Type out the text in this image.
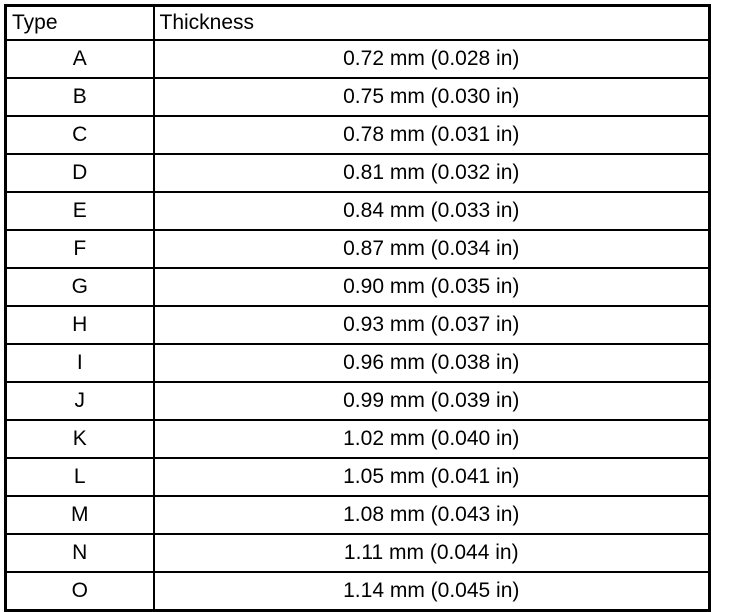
Type	Thickness
A	0.72 mm (0.028 in)
B	0.75 mm (0.030 in)
C	0.78 mm (0.031 in)
D	0.81 mm (0.032 in)
E	0.84 mm (0.033 in)
F	0.87 mm (0.034 in)
G	0.90 mm (0.035 in)
H	0.93 mm (0.037 in)
I	0.96 mm (0.038 in)
J	0.99 mm (0.039 in)
K	1.02 mm (0.040 in)
L	1.05 mm (0.041 in)
M	1.08 mm (0.043 in)
N	1.11 mm (0.044 in)
O	1.14 mm (0.045 in)
